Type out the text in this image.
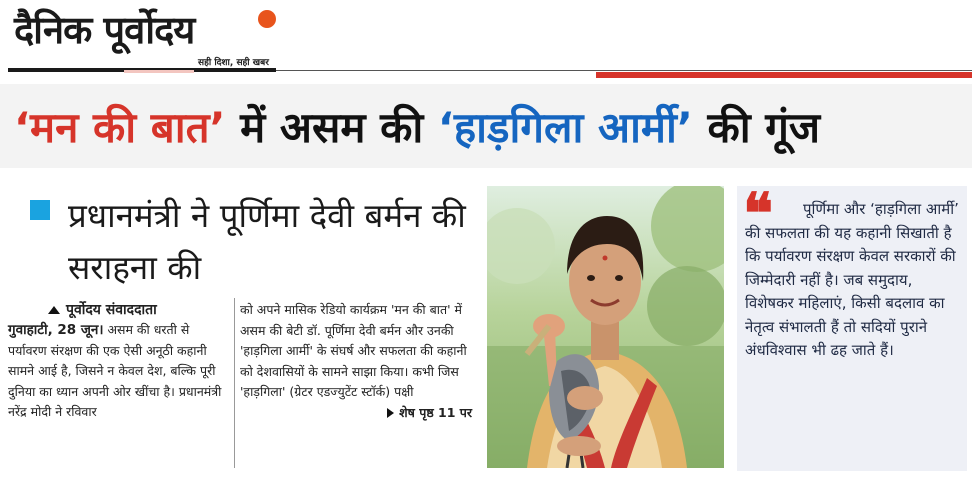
दैनिक पूर्वोदय
सही दिशा, सही खबर
‘मन की बात’ में असम की ‘हाड़गिला आर्मी’ की गूंज
प्रधानमंत्री ने पूर्णिमा देवी बर्मन की सराहना की
पूर्वोदय संवाददाता
गुवाहाटी, 28 जून। असम की धरती से पर्यावरण संरक्षण की एक ऐसी अनूठी कहानी सामने आई है, जिसने न केवल देश, बल्कि पूरी दुनिया का ध्यान अपनी ओर खींचा है। प्रधानमंत्री नरेंद्र मोदी ने रविवार
को अपने मासिक रेडियो कार्यक्रम 'मन की बात' में असम की बेटी डॉ. पूर्णिमा देवी बर्मन और उनकी 'हाड़गिला आर्मी' के संघर्ष और सफलता की कहानी को देशवासियों के सामने साझा किया। कभी जिस 'हाड़गिला' (ग्रेटर एडज्युटेंट स्टॉर्क) पक्षी
शेष पृष्ठ 11 पर
❝	पूर्णिमा और ‘हाड़गिला आर्मी’ की सफलता की यह कहानी सिखाती है कि पर्यावरण संरक्षण केवल सरकारों की जिम्मेदारी नहीं है। जब समुदाय, विशेषकर महिलाएं, किसी बदलाव का नेतृत्व संभालती हैं तो सदियों पुराने अंधविश्वास भी ढह जाते हैं।
